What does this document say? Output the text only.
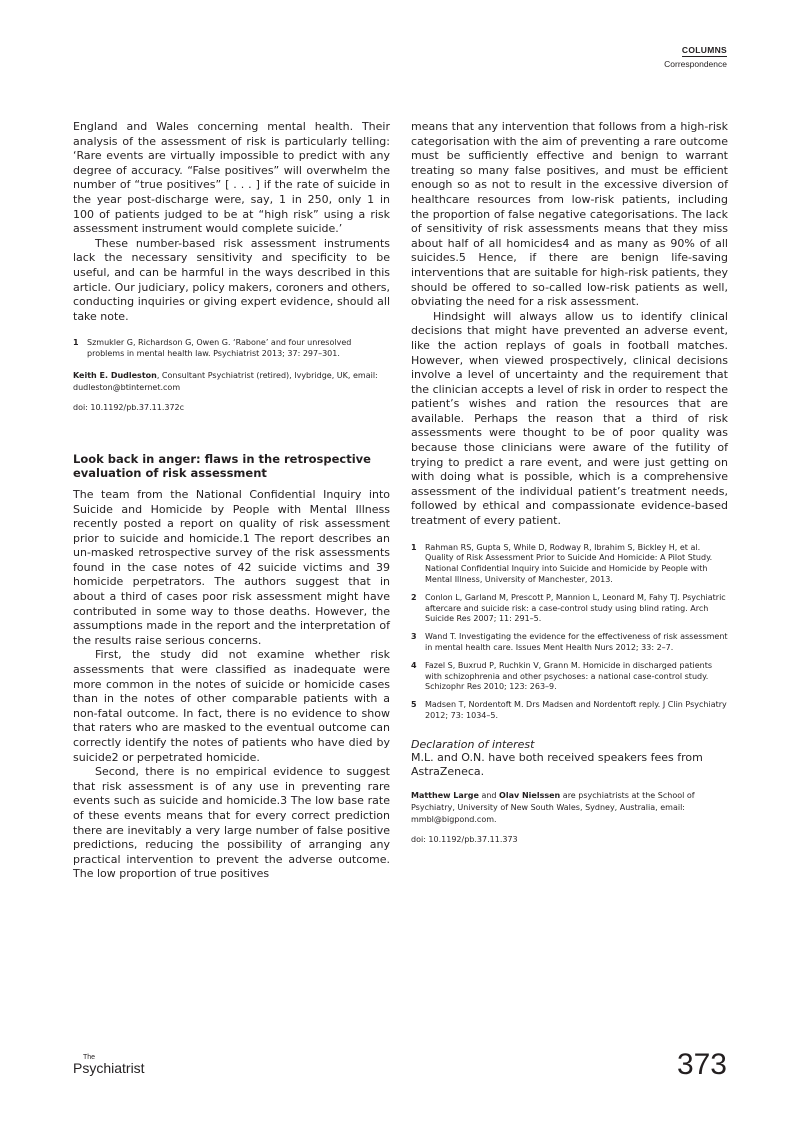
COLUMNS
Correspondence

England and Wales concerning mental health. Their analysis of the assessment of risk is particularly telling: ‘Rare events are virtually impossible to predict with any degree of accuracy. “False positives” will overwhelm the number of “true positives” [ . . . ] if the rate of suicide in the year post-discharge were, say, 1 in 250, only 1 in 100 of patients judged to be at “high risk” using a risk assessment instrument would complete suicide.’

These number-based risk assessment instruments lack the necessary sensitivity and specificity to be useful, and can be harmful in the ways described in this article. Our judiciary, policy makers, coroners and others, conducting inquiries or giving expert evidence, should all take note.

1	Szmukler G, Richardson G, Owen G. ‘Rabone’ and four unresolved problems in mental health law. Psychiatrist 2013; 37: 297–301.
Keith E. Dudleston, Consultant Psychiatrist (retired), Ivybridge, UK, email: dudleston@btinternet.com
doi: 10.1192/pb.37.11.372c
Look back in anger: flaws in the retrospective evaluation of risk assessment

The team from the National Confidential Inquiry into Suicide and Homicide by People with Mental Illness recently posted a report on quality of risk assessment prior to suicide and homicide.1 The report describes an un-masked retrospective survey of the risk assessments found in the case notes of 42 suicide victims and 39 homicide perpetrators. The authors suggest that in about a third of cases poor risk assessment might have contributed in some way to those deaths. However, the assumptions made in the report and the interpretation of the results raise serious concerns.

First, the study did not examine whether risk assessments that were classified as inadequate were more common in the notes of suicide or homicide cases than in the notes of other comparable patients with a non-fatal outcome. In fact, there is no evidence to show that raters who are masked to the eventual outcome can correctly identify the notes of patients who have died by suicide2 or perpetrated homicide.

Second, there is no empirical evidence to suggest that risk assessment is of any use in preventing rare events such as suicide and homicide.3 The low base rate of these events means that for every correct prediction there are inevitably a very large number of false positive predictions, reducing the possibility of arranging any practical intervention to prevent the adverse outcome. The low proportion of true positives

means that any intervention that follows from a high-risk categorisation with the aim of preventing a rare outcome must be sufficiently effective and benign to warrant treating so many false positives, and must be efficient enough so as not to result in the excessive diversion of healthcare resources from low-risk patients, including the proportion of false negative categorisations. The lack of sensitivity of risk assessments means that they miss about half of all homicides4 and as many as 90% of all suicides.5 Hence, if there are benign life-saving interventions that are suitable for high-risk patients, they should be offered to so-called low-risk patients as well, obviating the need for a risk assessment.

Hindsight will always allow us to identify clinical decisions that might have prevented an adverse event, like the action replays of goals in football matches. However, when viewed prospectively, clinical decisions involve a level of uncertainty and the requirement that the clinician accepts a level of risk in order to respect the patient’s wishes and ration the resources that are available. Perhaps the reason that a third of risk assessments were thought to be of poor quality was because those clinicians were aware of the futility of trying to predict a rare event, and were just getting on with doing what is possible, which is a comprehensive assessment of the individual patient’s treatment needs, followed by ethical and compassionate evidence-based treatment of every patient.

1	Rahman RS, Gupta S, While D, Rodway R, Ibrahim S, Bickley H, et al. Quality of Risk Assessment Prior to Suicide And Homicide: A Pilot Study. National Confidential Inquiry into Suicide and Homicide by People with Mental Illness, University of Manchester, 2013.
2	Conlon L, Garland M, Prescott P, Mannion L, Leonard M, Fahy TJ. Psychiatric aftercare and suicide risk: a case-control study using blind rating. Arch Suicide Res 2007; 11: 291–5.
3	Wand T. Investigating the evidence for the effectiveness of risk assessment in mental health care. Issues Ment Health Nurs 2012; 33: 2–7.
4	Fazel S, Buxrud P, Ruchkin V, Grann M. Homicide in discharged patients with schizophrenia and other psychoses: a national case-control study. Schizophr Res 2010; 123: 263–9.
5	Madsen T, Nordentoft M. Drs Madsen and Nordentoft reply. J Clin Psychiatry 2012; 73: 1034–5.
Declaration of interest
M.L. and O.N. have both received speakers fees from AstraZeneca.
Matthew Large and Olav Nielssen are psychiatrists at the School of Psychiatry, University of New South Wales, Sydney, Australia, email: mmbl@bigpond.com.
doi: 10.1192/pb.37.11.373
The
Psychiatrist	373
